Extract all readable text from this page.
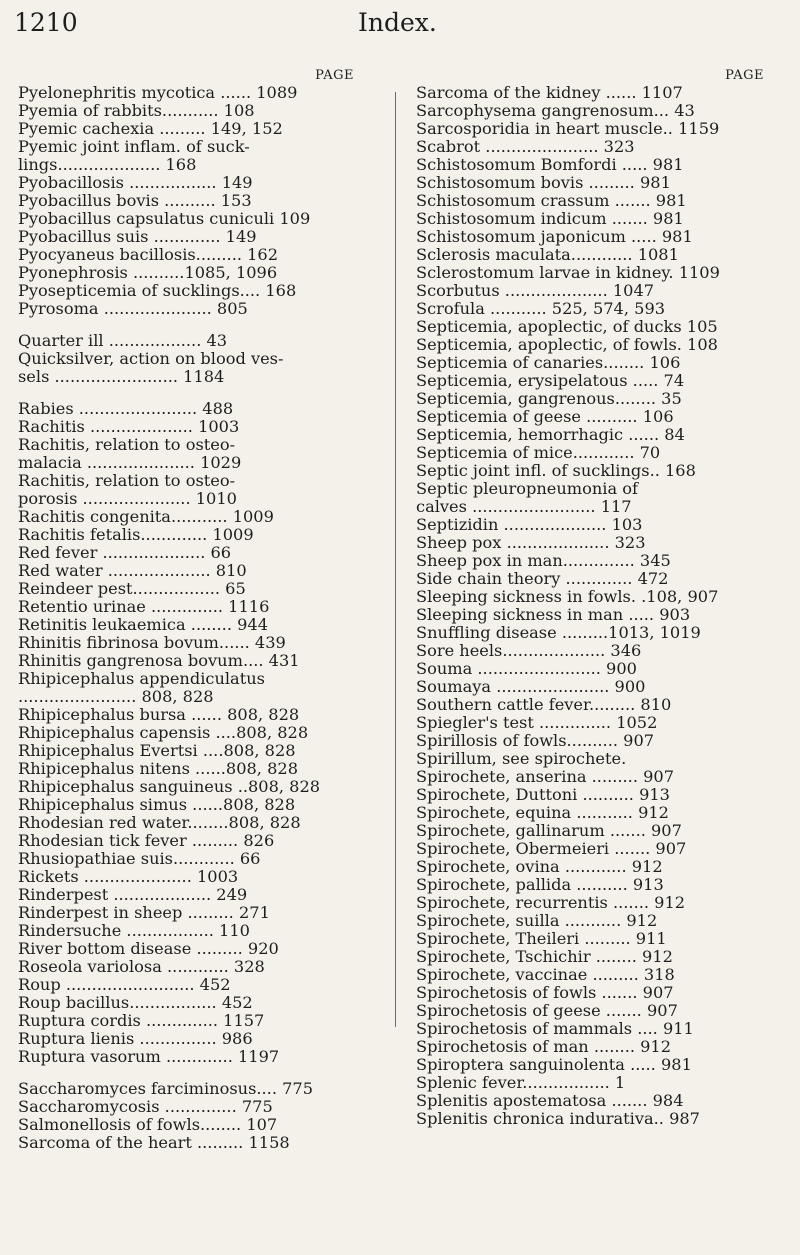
1210	Index.
PAGE
Pyelonephritis mycotica ...... 1089
Pyemia of rabbits........... 108
Pyemic cachexia ......... 149, 152
Pyemic joint inflam. of suck-
lings.................... 168
Pyobacillosis ................. 149
Pyobacillus bovis .......... 153
Pyobacillus capsulatus cuniculi 109
Pyobacillus suis ............. 149
Pyocyaneus bacillosis......... 162
Pyonephrosis ..........1085, 1096
Pyosepticemia of sucklings.... 168
Pyrosoma ..................... 805
Quarter ill .................. 43
Quicksilver, action on blood ves-
sels ........................ 1184
Rabies ....................... 488
Rachitis .................... 1003
Rachitis, relation to osteo-
malacia ..................... 1029
Rachitis, relation to osteo-
porosis ..................... 1010
Rachitis congenita........... 1009
Rachitis fetalis............. 1009
Red fever .................... 66
Red water .................... 810
Reindeer pest................. 65
Retentio urinae .............. 1116
Retinitis leukaemica ........ 944
Rhinitis fibrinosa bovum...... 439
Rhinitis gangrenosa bovum.... 431
Rhipicephalus appendiculatus
....................... 808, 828
Rhipicephalus bursa ...... 808, 828
Rhipicephalus capensis ....808, 828
Rhipicephalus Evertsi ....808, 828
Rhipicephalus nitens ......808, 828
Rhipicephalus sanguineus ..808, 828
Rhipicephalus simus ......808, 828
Rhodesian red water........808, 828
Rhodesian tick fever ......... 826
Rhusiopathiae suis............ 66
Rickets ..................... 1003
Rinderpest ................... 249
Rinderpest in sheep ......... 271
Rindersuche ................. 110
River bottom disease ......... 920
Roseola variolosa ............ 328
Roup ......................... 452
Roup bacillus................. 452
Ruptura cordis .............. 1157
Ruptura lienis ............... 986
Ruptura vasorum ............. 1197
Saccharomyces farciminosus.... 775
Saccharomycosis .............. 775
Salmonellosis of fowls........ 107
Sarcoma of the heart ......... 1158
PAGE
Sarcoma of the kidney ...... 1107
Sarcophysema gangrenosum... 43
Sarcosporidia in heart muscle.. 1159
Scabrot ...................... 323
Schistosomum Bomfordi ..... 981
Schistosomum bovis ......... 981
Schistosomum crassum ....... 981
Schistosomum indicum ....... 981
Schistosomum japonicum ..... 981
Sclerosis maculata............ 1081
Sclerostomum larvae in kidney. 1109
Scorbutus .................... 1047
Scrofula ........... 525, 574, 593
Septicemia, apoplectic, of ducks 105
Septicemia, apoplectic, of fowls. 108
Septicemia of canaries........ 106
Septicemia, erysipelatous ..... 74
Septicemia, gangrenous........ 35
Septicemia of geese .......... 106
Septicemia, hemorrhagic ...... 84
Septicemia of mice............ 70
Septic joint infl. of sucklings.. 168
Septic pleuropneumonia of
calves ........................ 117
Septizidin .................... 103
Sheep pox .................... 323
Sheep pox in man.............. 345
Side chain theory ............. 472
Sleeping sickness in fowls. .108, 907
Sleeping sickness in man ..... 903
Snuffling disease .........1013, 1019
Sore heels.................... 346
Souma ........................ 900
Soumaya ...................... 900
Southern cattle fever......... 810
Spiegler's test .............. 1052
Spirillosis of fowls.......... 907
Spirillum, see spirochete.
Spirochete, anserina ......... 907
Spirochete, Duttoni .......... 913
Spirochete, equina ........... 912
Spirochete, gallinarum ....... 907
Spirochete, Obermeieri ....... 907
Spirochete, ovina ............ 912
Spirochete, pallida .......... 913
Spirochete, recurrentis ....... 912
Spirochete, suilla ........... 912
Spirochete, Theileri ......... 911
Spirochete, Tschichir ........ 912
Spirochete, vaccinae ......... 318
Spirochetosis of fowls ....... 907
Spirochetosis of geese ....... 907
Spirochetosis of mammals .... 911
Spirochetosis of man ........ 912
Spiroptera sanguinolenta ..... 981
Splenic fever................. 1
Splenitis apostematosa ....... 984
Splenitis chronica indurativa.. 987
